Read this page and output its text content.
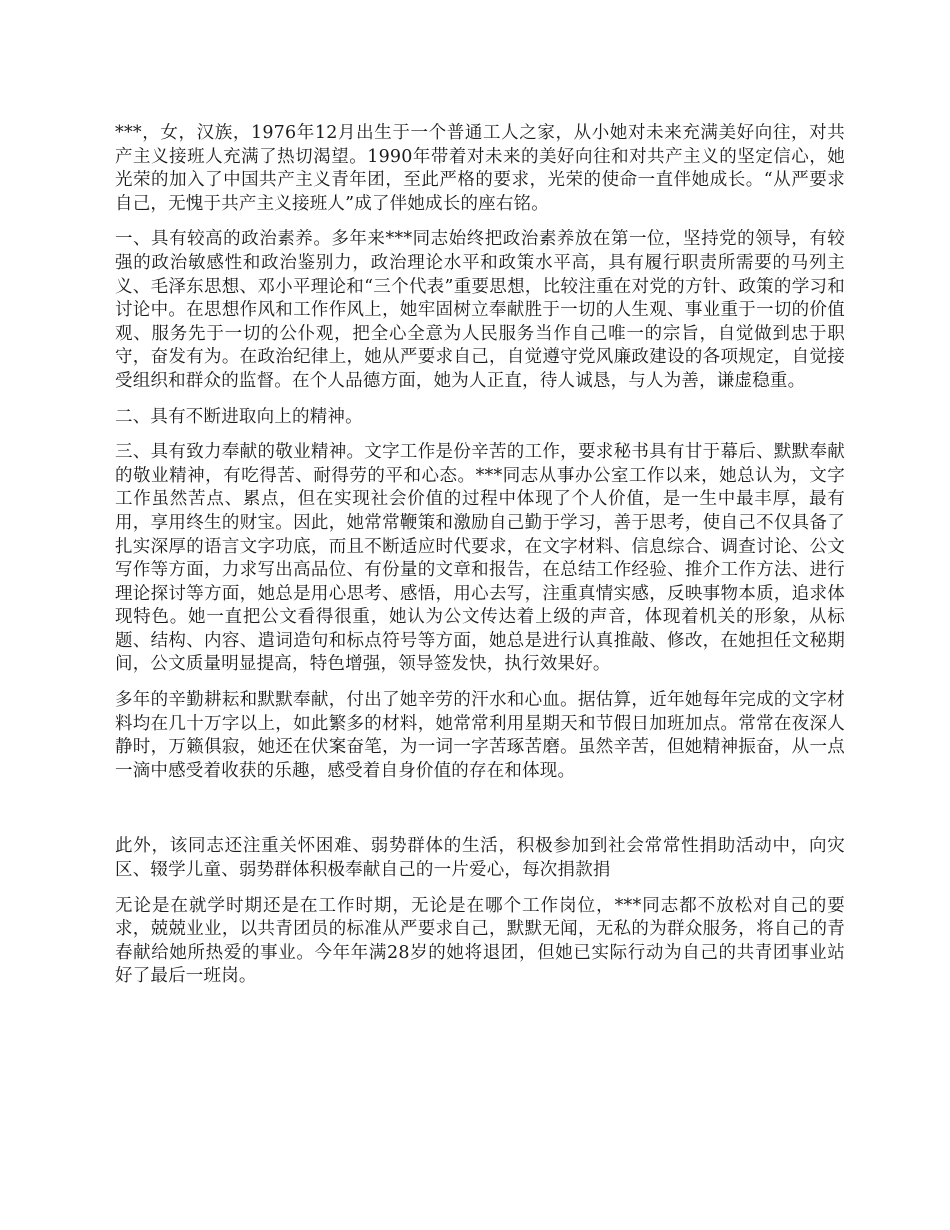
***，女，汉族，1976年12月出生于一个普通工人之家，从小她对未来充满美好向往，对共产主义接班人充满了热切渴望。1990年带着对未来的美好向往和对共产主义的坚定信心，她光荣的加入了中国共产主义青年团，至此严格的要求，光荣的使命一直伴她成长。“从严要求自己，无愧于共产主义接班人”成了伴她成长的座右铭。

一、具有较高的政治素养。多年来***同志始终把政治素养放在第一位，坚持党的领导，有较强的政治敏感性和政治鉴别力，政治理论水平和政策水平高，具有履行职责所需要的马列主义、毛泽东思想、邓小平理论和“三个代表”重要思想，比较注重在对党的方针、政策的学习和讨论中。在思想作风和工作作风上，她牢固树立奉献胜于一切的人生观、事业重于一切的价值观、服务先于一切的公仆观，把全心全意为人民服务当作自己唯一的宗旨，自觉做到忠于职守，奋发有为。在政治纪律上，她从严要求自己，自觉遵守党风廉政建设的各项规定，自觉接受组织和群众的监督。在个人品德方面，她为人正直，待人诚恳，与人为善，谦虚稳重。

二、具有不断进取向上的精神。

三、具有致力奉献的敬业精神。文字工作是份辛苦的工作，要求秘书具有甘于幕后、默默奉献的敬业精神，有吃得苦、耐得劳的平和心态。***同志从事办公室工作以来，她总认为，文字工作虽然苦点、累点，但在实现社会价值的过程中体现了个人价值，是一生中最丰厚，最有用，享用终生的财宝。因此，她常常鞭策和激励自己勤于学习，善于思考，使自己不仅具备了扎实深厚的语言文字功底，而且不断适应时代要求，在文字材料、信息综合、调查讨论、公文写作等方面，力求写出高品位、有份量的文章和报告，在总结工作经验、推介工作方法、进行理论探讨等方面，她总是用心思考、感悟，用心去写，注重真情实感，反映事物本质，追求体现特色。她一直把公文看得很重，她认为公文传达着上级的声音，体现着机关的形象，从标题、结构、内容、遣词造句和标点符号等方面，她总是进行认真推敲、修改，在她担任文秘期间，公文质量明显提高，特色增强，领导签发快，执行效果好。

多年的辛勤耕耘和默默奉献，付出了她辛劳的汗水和心血。据估算，近年她每年完成的文字材料均在几十万字以上，如此繁多的材料，她常常利用星期天和节假日加班加点。常常在夜深人静时，万籁俱寂，她还在伏案奋笔，为一词一字苦琢苦磨。虽然辛苦，但她精神振奋，从一点一滴中感受着收获的乐趣，感受着自身价值的存在和体现。

此外，该同志还注重关怀困难、弱势群体的生活，积极参加到社会常常性捐助活动中，向灾区、辍学儿童、弱势群体积极奉献自己的一片爱心，每次捐款捐

无论是在就学时期还是在工作时期，无论是在哪个工作岗位，***同志都不放松对自己的要求，兢兢业业，以共青团员的标准从严要求自己，默默无闻，无私的为群众服务，将自己的青春献给她所热爱的事业。今年年满28岁的她将退团，但她已实际行动为自己的共青团事业站好了最后一班岗。
